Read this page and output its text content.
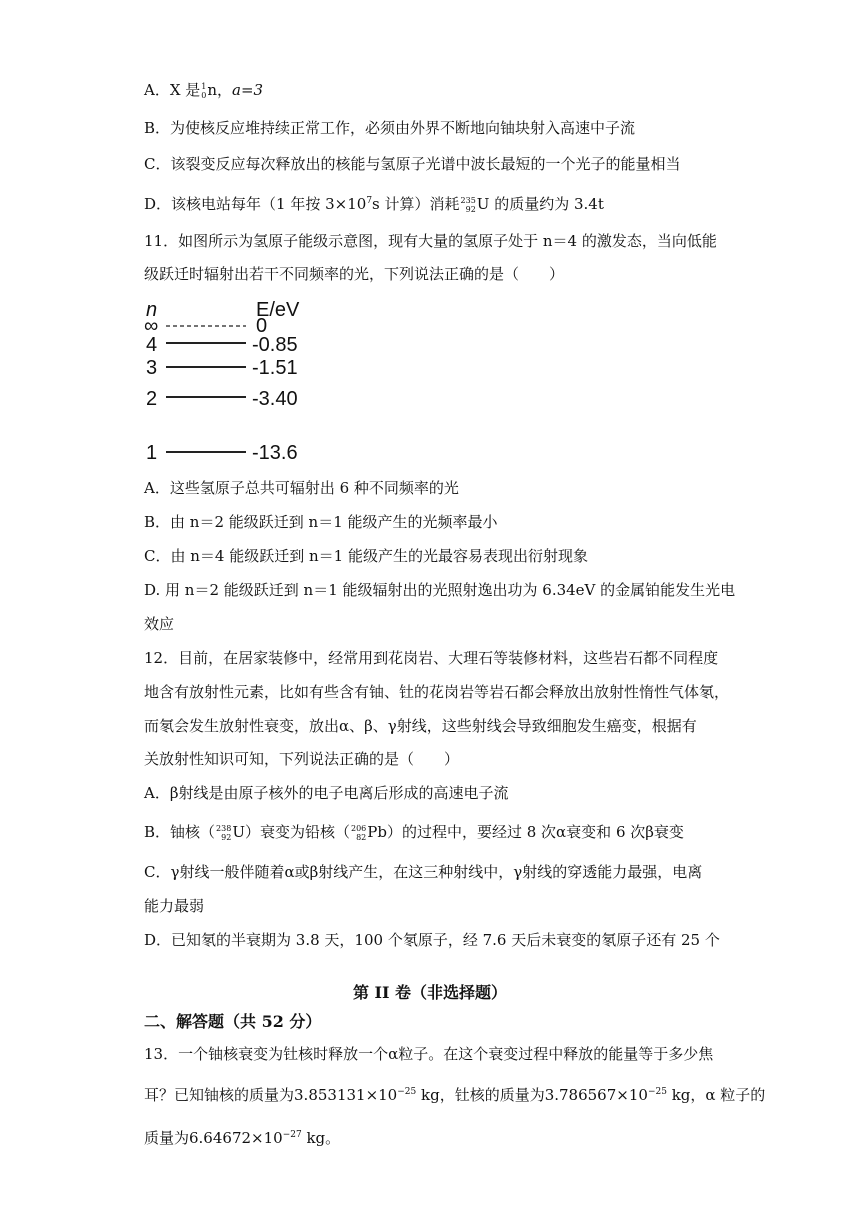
A．X 是 1
0 n，a=3
B．为使核反应堆持续正常工作，必须由外界不断地向铀块射入高速中子流
C．该裂变反应每次释放出的核能与氢原子光谱中波长最短的一个光子的能量相当
D．该核电站每年（1 年按 $3\times 10^7s$ 计算）消耗 235
92 U 的质量约为 3.4t
11．如图所示为氢原子能级示意图，现有大量的氢原子处于 n＝4 的激发态，当向低能
级跃迁时辐射出若干不同频率的光，下列说法正确的是（　　）
n	E/eV
∞	0
4	-0.85
3	-1.51
2	-3.40
1	-13.6
A．这些氢原子总共可辐射出 6 种不同频率的光
B．由 n＝2 能级跃迁到 n＝1 能级产生的光频率最小
C．由 n＝4 能级跃迁到 n＝1 能级产生的光最容易表现出衍射现象
D. 用 n＝2 能级跃迁到 n＝1 能级辐射出的光照射逸出功为 6.34eV 的金属铂能发生光电
效应
12．目前，在居家装修中，经常用到花岗岩、大理石等装修材料，这些岩石都不同程度
地含有放射性元素，比如有些含有铀、钍的花岗岩等岩石都会释放出放射性惰性气体氡，
而氡会发生放射性衰变，放出α、β、γ射线，这些射线会导致细胞发生癌变，根据有
关放射性知识可知，下列说法正确的是（　　）
A．β射线是由原子核外的电子电离后形成的高速电子流
B．铀核（ 238
92 U）衰变为铅核（ 206
82 Pb）的过程中，要经过 8 次α衰变和 6 次β衰变
C．γ射线一般伴随着α或β射线产生，在这三种射线中，γ射线的穿透能力最强，电离
能力最弱
D．已知氡的半衰期为 3.8 天，100 个氡原子，经 7.6 天后未衰变的氡原子还有 25 个
第 II 卷（非选择题）
二、解答题（共 52 分）
13．一个铀核衰变为钍核时释放一个α粒子。在这个衰变过程中释放的能量等于多少焦
耳？已知铀核的质量为$3.853131\times 10^{-25}$ kg，钍核的质量为$3.786567\times 10^{-25}$ kg，α 粒子的
质量为$6.64672\times 10^{-27}$ kg。
